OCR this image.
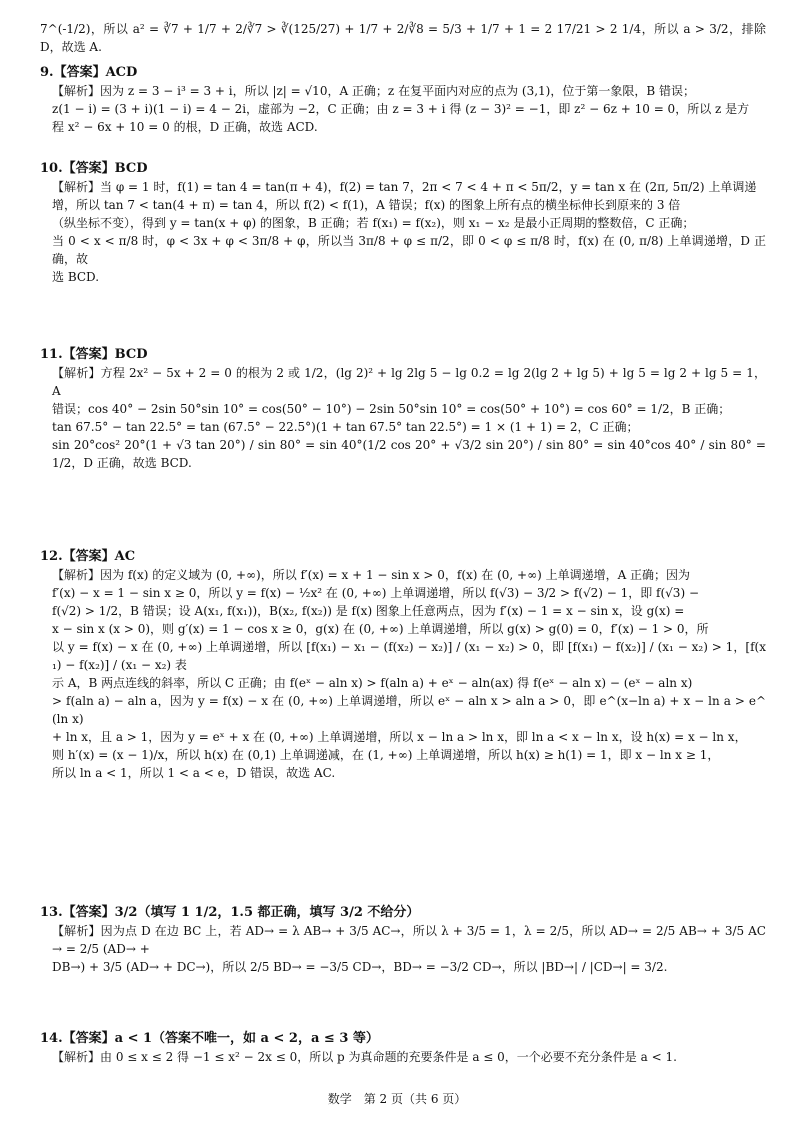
7^(-1/2)，所以 a² = ∛7 + 1/7 + 2/∛7 > ∛(125/27) + 1/7 + 2/∛8 = 5/3 + 1/7 + 1 = 2 17/21 > 2 1/4，所以 a > 3/2，排除 D，故选 A.

9.【答案】ACD

【解析】因为 z = 3 − i³ = 3 + i，所以 |z| = √10，A 正确；z 在复平面内对应的点为 (3,1)，位于第一象限，B 错误；

z(1 − i) = (3 + i)(1 − i) = 4 − 2i，虚部为 −2，C 正确；由 z = 3 + i 得 (z − 3)² = −1，即 z² − 6z + 10 = 0，所以 z 是方

程 x² − 6x + 10 = 0 的根，D 正确，故选 ACD.

10.【答案】BCD

【解析】当 φ = 1 时，f(1) = tan 4 = tan(π + 4)，f(2) = tan 7，2π < 7 < 4 + π < 5π/2，y = tan x 在 (2π, 5π/2) 上单调递

增，所以 tan 7 < tan(4 + π) = tan 4，所以 f(2) < f(1)，A 错误；f(x) 的图象上所有点的横坐标伸长到原来的 3 倍

（纵坐标不变），得到 y = tan(x + φ) 的图象，B 正确；若 f(x₁) = f(x₂)，则 x₁ − x₂ 是最小正周期的整数倍，C 正确；

当 0 < x < π/8 时，φ < 3x + φ < 3π/8 + φ，所以当 3π/8 + φ ≤ π/2，即 0 < φ ≤ π/8 时，f(x) 在 (0, π/8) 上单调递增，D 正确，故

选 BCD.

11.【答案】BCD

【解析】方程 2x² − 5x + 2 = 0 的根为 2 或 1/2，(lg 2)² + lg 2lg 5 − lg 0.2 = lg 2(lg 2 + lg 5) + lg 5 = lg 2 + lg 5 = 1，A

错误；cos 40° − 2sin 50°sin 10° = cos(50° − 10°) − 2sin 50°sin 10° = cos(50° + 10°) = cos 60° = 1/2，B 正确；

tan 67.5° − tan 22.5° = tan (67.5° − 22.5°)(1 + tan 67.5° tan 22.5°) = 1 × (1 + 1) = 2，C 正确；

sin 20°cos² 20°(1 + √3 tan 20°) / sin 80° = sin 40°(1/2 cos 20° + √3/2 sin 20°) / sin 80° = sin 40°cos 40° / sin 80° = 1/2，D 正确，故选 BCD.

12.【答案】AC

【解析】因为 f(x) 的定义域为 (0, +∞)，所以 f′(x) = x + 1 − sin x > 0，f(x) 在 (0, +∞) 上单调递增，A 正确；因为

f′(x) − x = 1 − sin x ≥ 0，所以 y = f(x) − ½x² 在 (0, +∞) 上单调递增，所以 f(√3) − 3/2 > f(√2) − 1，即 f(√3) −

f(√2) > 1/2，B 错误；设 A(x₁, f(x₁))，B(x₂, f(x₂)) 是 f(x) 图象上任意两点，因为 f′(x) − 1 = x − sin x，设 g(x) =

x − sin x (x > 0)，则 g′(x) = 1 − cos x ≥ 0，g(x) 在 (0, +∞) 上单调递增，所以 g(x) > g(0) = 0，f′(x) − 1 > 0，所

以 y = f(x) − x 在 (0, +∞) 上单调递增，所以 [f(x₁) − x₁ − (f(x₂) − x₂)] / (x₁ − x₂) > 0，即 [f(x₁) − f(x₂)] / (x₁ − x₂) > 1，[f(x₁) − f(x₂)] / (x₁ − x₂) 表

示 A，B 两点连线的斜率，所以 C 正确；由 f(eˣ − aln x) > f(aln a) + eˣ − aln(ax) 得 f(eˣ − aln x) − (eˣ − aln x)

> f(aln a) − aln a，因为 y = f(x) − x 在 (0, +∞) 上单调递增，所以 eˣ − aln x > aln a > 0，即 e^(x−ln a) + x − ln a > e^(ln x)

+ ln x，且 a > 1，因为 y = eˣ + x 在 (0, +∞) 上单调递增，所以 x − ln a > ln x，即 ln a < x − ln x，设 h(x) = x − ln x，

则 h′(x) = (x − 1)/x，所以 h(x) 在 (0,1) 上单调递减，在 (1, +∞) 上单调递增，所以 h(x) ≥ h(1) = 1，即 x − ln x ≥ 1，

所以 ln a < 1，所以 1 < a < e，D 错误，故选 AC.

13.【答案】3/2（填写 1 1/2，1.5 都正确，填写 3/2 不给分）

【解析】因为点 D 在边 BC 上，若 AD→ = λ AB→ + 3/5 AC→，所以 λ + 3/5 = 1，λ = 2/5，所以 AD→ = 2/5 AB→ + 3/5 AC→ = 2/5 (AD→ +

DB→) + 3/5 (AD→ + DC→)，所以 2/5 BD→ = −3/5 CD→，BD→ = −3/2 CD→，所以 |BD→| / |CD→| = 3/2.

14.【答案】a < 1（答案不唯一，如 a < 2，a ≤ 3 等）

【解析】由 0 ≤ x ≤ 2 得 −1 ≤ x² − 2x ≤ 0，所以 p 为真命题的充要条件是 a ≤ 0，一个必要不充分条件是 a < 1.

数学　第 2 页（共 6 页）
